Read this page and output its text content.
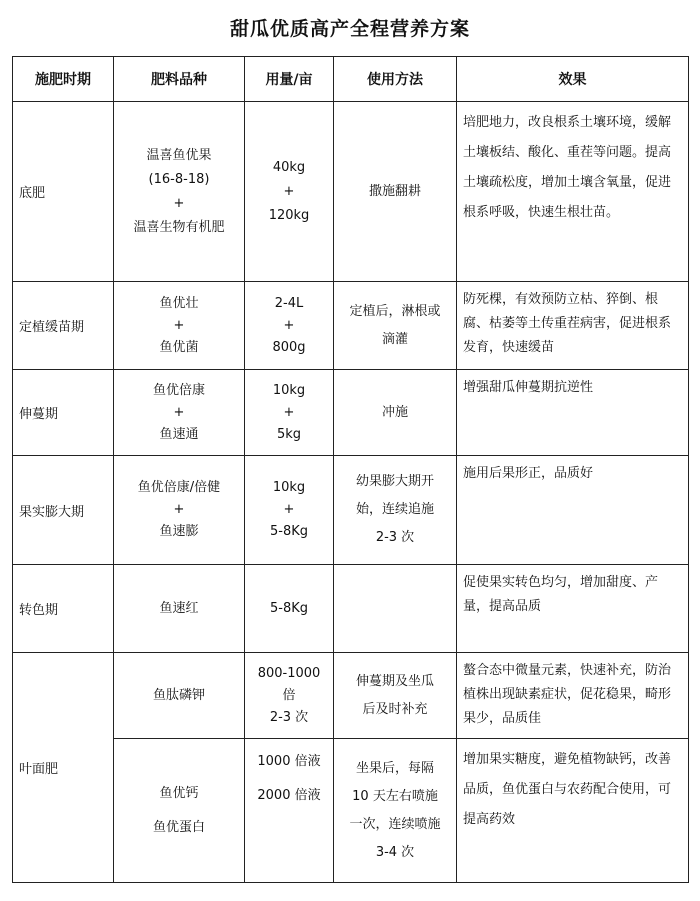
甜瓜优质高产全程营养方案
施肥时期	肥料品种	用量/亩	使用方法	效果
底肥	温喜鱼优果
(16-8-18)
+
温喜生物有机肥	40kg
+
120kg	撒施翻耕	培肥地力，改良根系土壤环境，缓解土壤板结、酸化、重茬等问题。提高土壤疏松度，增加土壤含氧量，促进根系呼吸，快速生根壮苗。

定植缓苗期	鱼优壮
+
鱼优菌	2-4L
+
800g	定植后，淋根或
滴灌	防死棵，有效预防立枯、猝倒、根腐、枯萎等土传重茬病害，促进根系发育，快速缓苗

伸蔓期	鱼优倍康
+
鱼速通	10kg
+
5kg	冲施	增强甜瓜伸蔓期抗逆性

果实膨大期	鱼优倍康/倍健
+
鱼速膨	10kg
+
5-8Kg	幼果膨大期开
始，连续追施
2-3 次	施用后果形正，品质好

转色期	鱼速红	5-8Kg		促使果实转色均匀，增加甜度、产量，提高品质

叶面肥	鱼肽磷钾	800-1000
倍
2-3 次	伸蔓期及坐瓜
后及时补充	螯合态中微量元素，快速补充，防治植株出现缺素症状，促花稳果，畸形果少，品质佳

	鱼优钙
鱼优蛋白	1000 倍液
2000 倍液	坐果后，每隔
10 天左右喷施
一次，连续喷施
3-4 次	增加果实糖度，避免植物缺钙，改善品质，鱼优蛋白与农药配合使用，可提高药效
